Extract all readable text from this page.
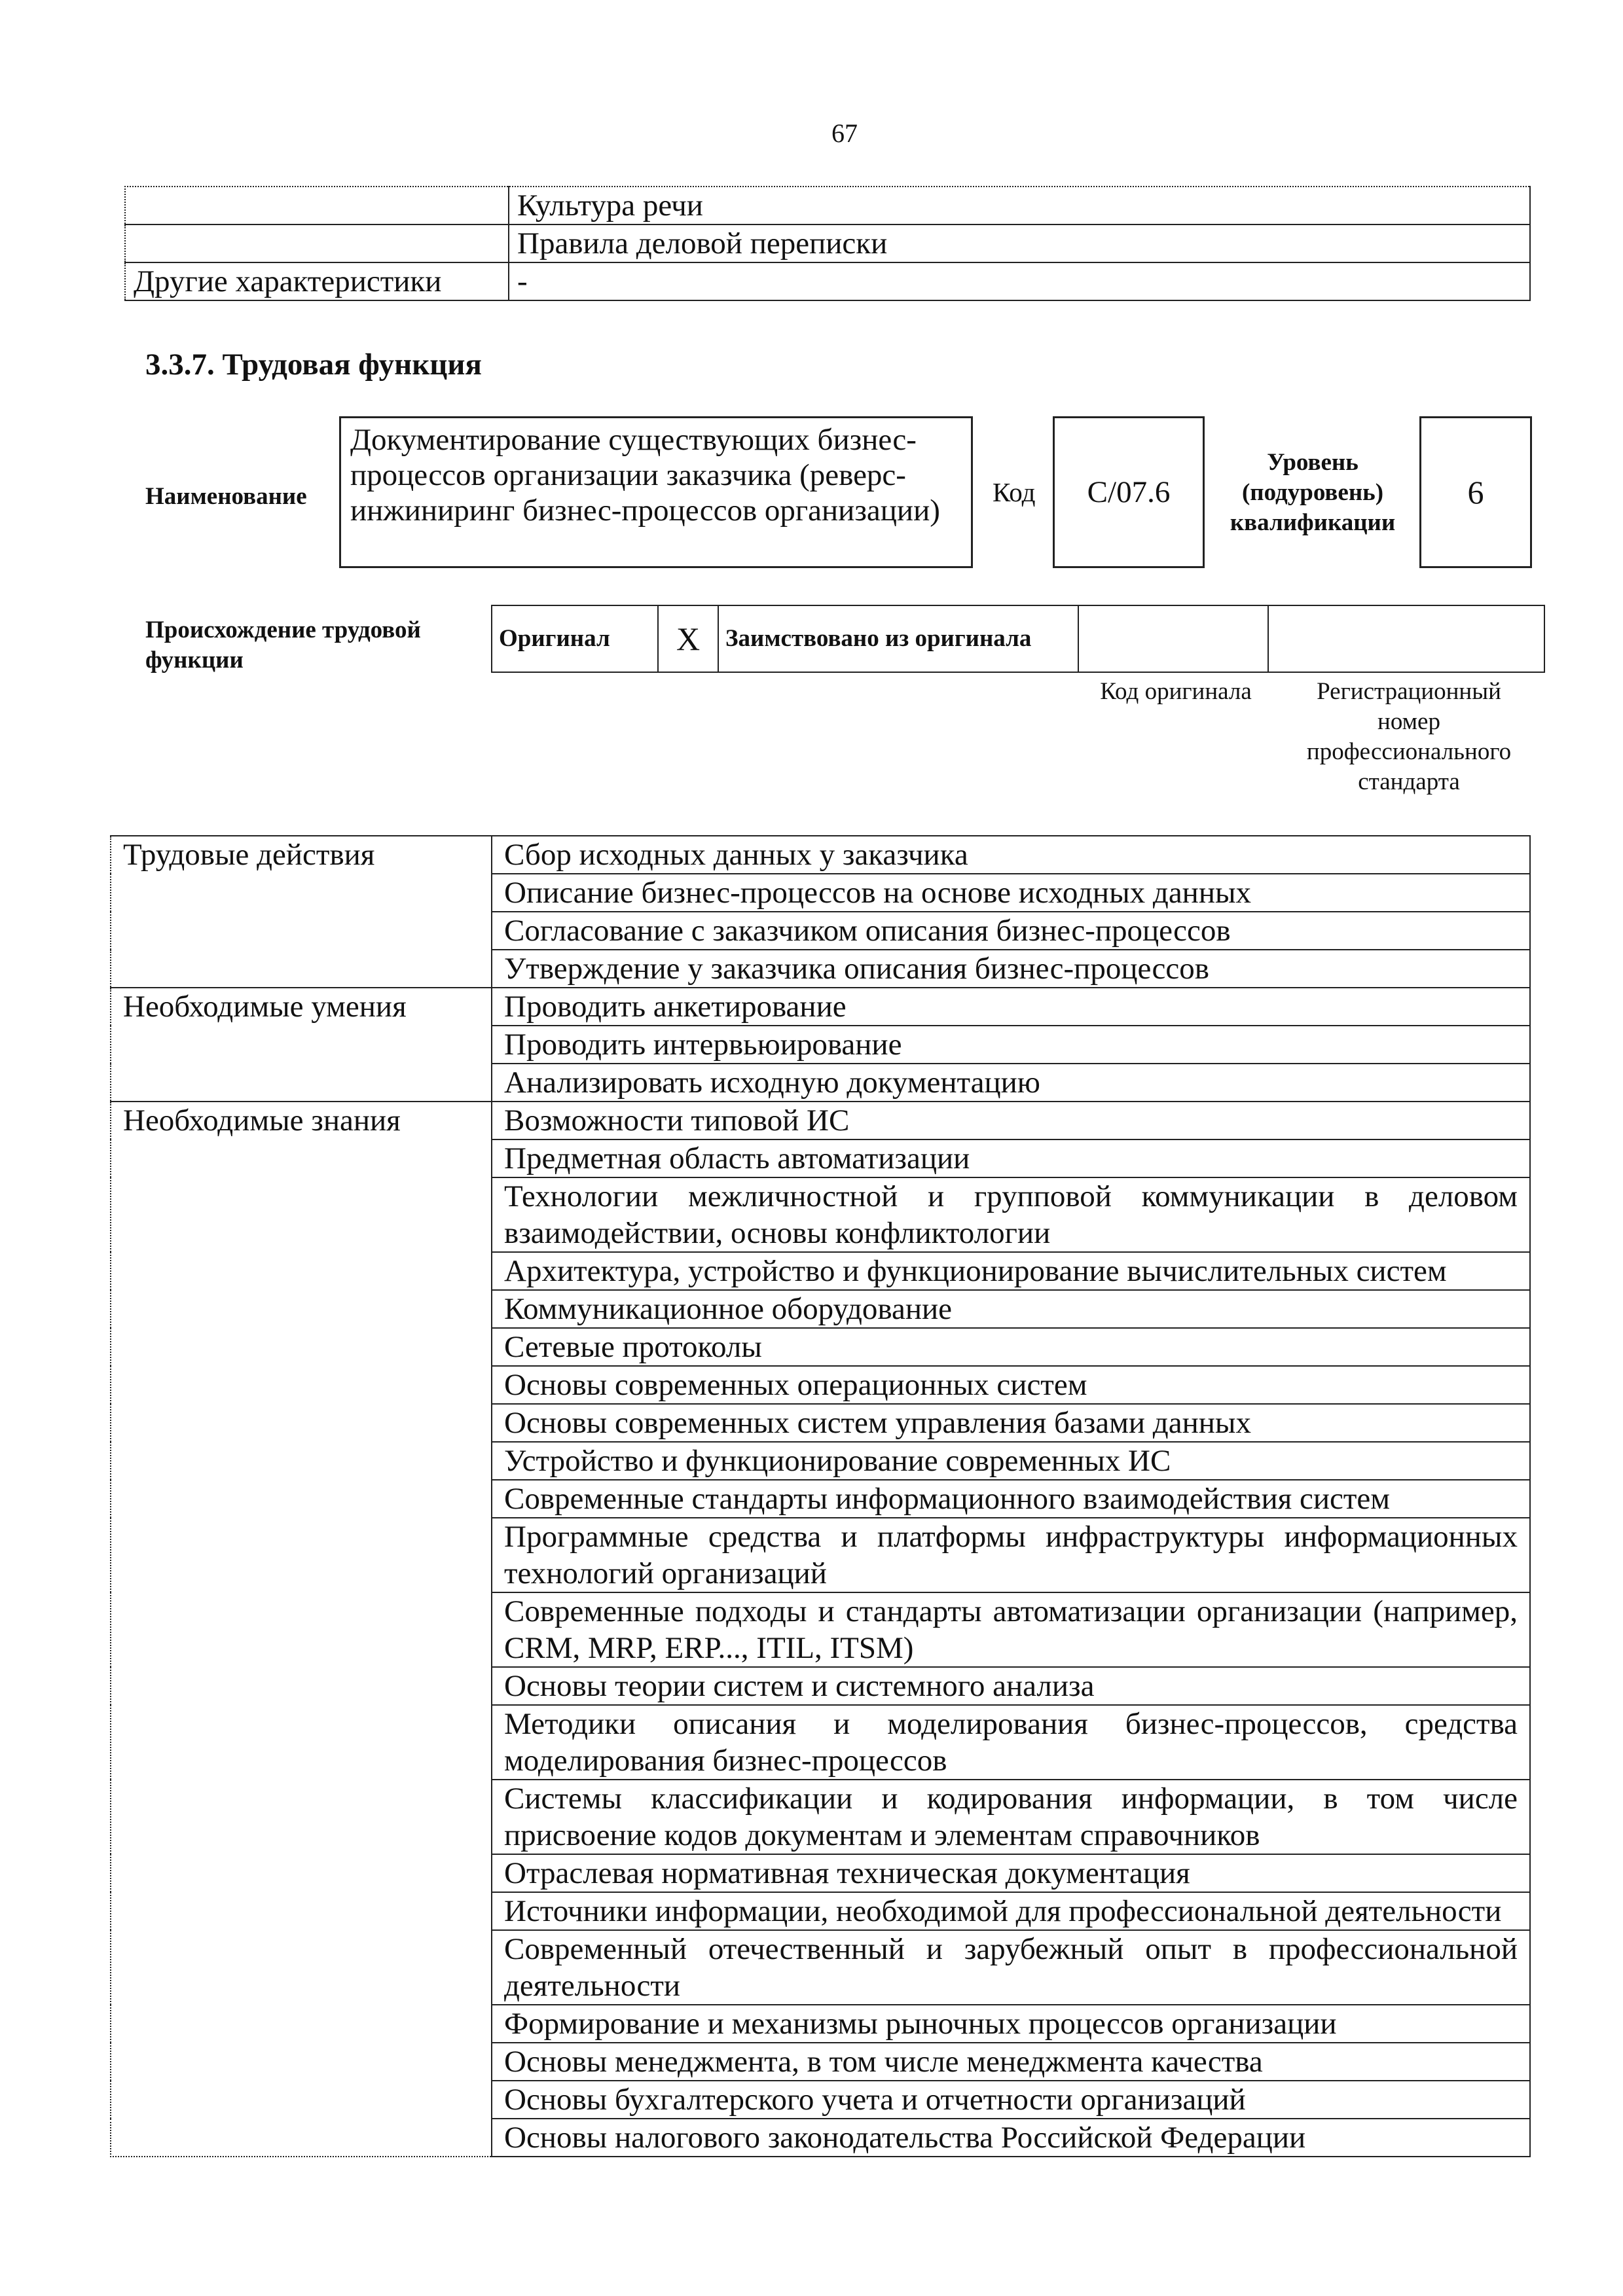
67
	Культура речи
	Правила деловой переписки
Другие характеристики	-
3.3.7. Трудовая функция
Наименование
Документирование существующих бизнес-процессов организации заказчика (реверс-инжиниринг бизнес-процессов организации)
Код	С/07.6
Уровень (подуровень) квалификации
6
Происхождение трудовой функции
Оригинал	X	Заимствовано из оригинала		
Код оригинала	Регистрационный номер профессионального стандарта
Трудовые действия	Сбор исходных данных у заказчика
	Описание бизнес-процессов на основе исходных данных
	Согласование с заказчиком описания бизнес-процессов
	Утверждение у заказчика описания бизнес-процессов
Необходимые умения	Проводить анкетирование
	Проводить интервьюирование
	Анализировать исходную документацию
Необходимые знания	Возможности типовой ИС
	Предметная область автоматизации
	Технологии межличностной и групповой коммуникации в деловом взаимодействии, основы конфликтологии
	Архитектура, устройство и функционирование вычислительных систем
	Коммуникационное оборудование
	Сетевые протоколы
	Основы современных операционных систем
	Основы современных систем управления базами данных
	Устройство и функционирование современных ИС
	Современные стандарты информационного взаимодействия систем
	Программные средства и платформы инфраструктуры информационных технологий организаций
	Современные подходы и стандарты автоматизации организации (например, CRM, MRP, ERP..., ITIL, ITSM)
	Основы теории систем и системного анализа
	Методики описания и моделирования бизнес-процессов, средства моделирования бизнес-процессов
	Системы классификации и кодирования информации, в том числе присвоение кодов документам и элементам справочников
	Отраслевая нормативная техническая документация
	Источники информации, необходимой для профессиональной деятельности
	Современный отечественный и зарубежный опыт в профессиональной деятельности
	Формирование и механизмы рыночных процессов организации
	Основы менеджмента, в том числе менеджмента качества
	Основы бухгалтерского учета и отчетности организаций
	Основы налогового законодательства Российской Федерации
